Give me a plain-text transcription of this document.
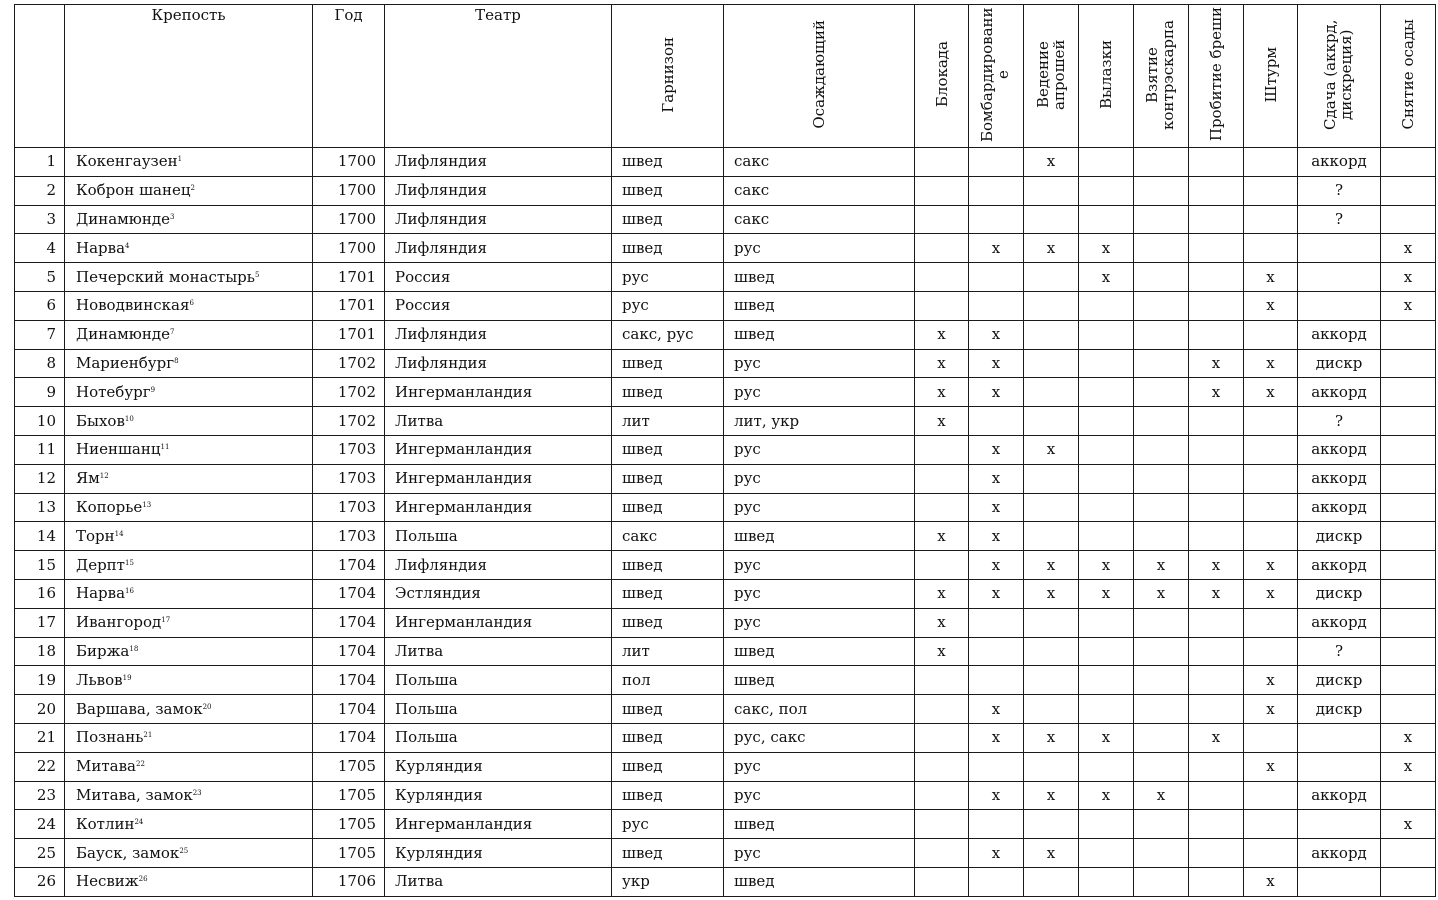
	Крепость	Год	Театр	Гарнизон	Осаждающий	Блокада	Бомбардировани е	Ведение апрошей	Вылазки	Взятие контрэскарпа	Пробитие бреши	Штурм	Сдача (аккрд, дискреция)	Снятие осады
1	Кокенгаузен$^1$	1700	Лифляндия	швед	сакс			x					аккорд	
2	Коброн шанец$^2$	1700	Лифляндия	швед	сакс								?	
3	Динамюнде$^3$	1700	Лифляндия	швед	сакс								?	
4	Нарва$^4$	1700	Лифляндия	швед	рус		x	x	x					x
5	Печерский монастырь$^5$	1701	Россия	рус	швед				x			x		x
6	Новодвинская$^6$	1701	Россия	рус	швед							x		x
7	Динамюнде$^7$	1701	Лифляндия	сакс, рус	швед	x	x						аккорд	
8	Мариенбург$^8$	1702	Лифляндия	швед	рус	x	x				x	x	дискр	
9	Нотебург$^9$	1702	Ингерманландия	швед	рус	x	x				x	x	аккорд	
10	Быхов$^{10}$	1702	Литва	лит	лит, укр	x							?	
11	Ниеншанц$^{11}$	1703	Ингерманландия	швед	рус		x	x					аккорд	
12	$Ям^{12}$	1703	Ингерманландия	швед	рус		x						аккорд	
13	Копорье$^{13}$	1703	Ингерманландия	швед	рус		x						аккорд	
14	Торн$^{14}$	1703	Польша	сакс	швед	x	x						дискр	
15	Дерпт$^{15}$	1704	Лифляндия	швед	рус		x	x	x	x	x	x	аккорд	
16	Нарва$^{16}$	1704	Эстляндия	швед	рус	x	x	x	x	x	x	x	дискр	
17	Ивангород$^{17}$	1704	Ингерманландия	швед	рус	x							аккорд	
18	Биржа$^{18}$	1704	Литва	лит	швед	x							?	
19	Львов$^{19}$	1704	Польша	пол	швед							x	дискр	
20	Варшава, замок$^{20}$	1704	Польша	швед	сакс, пол		x					x	дискр	
21	Познань$^{21}$	1704	Польша	швед	рус, сакс		x	x	x		x			x
22	Митава$^{22}$	1705	Курляндия	швед	рус							x		x
23	Митава, замок$^{23}$	1705	Курляндия	швед	рус		x	x	x	x			аккорд	
24	Котлин$^{24}$	1705	Ингерманландия	рус	швед									x
25	Бауск, замок$^{25}$	1705	Курляндия	швед	рус		x	x					аккорд	
26	Несвиж$^{26}$	1706	Литва	укр	швед							x		
